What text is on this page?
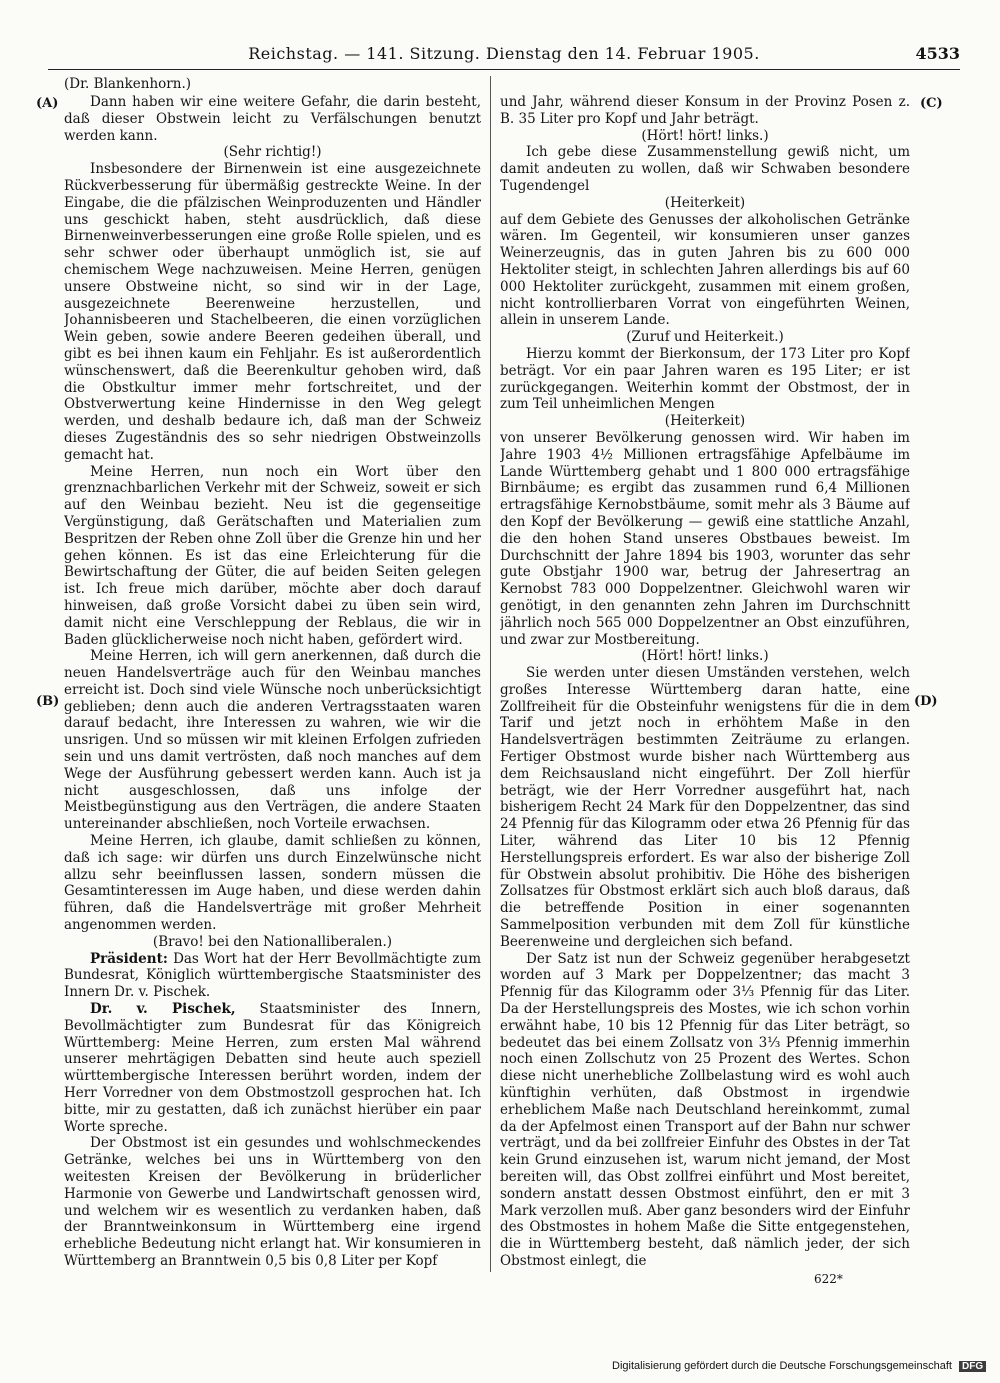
Reichstag. — 141. Sitzung. Dienstag den 14. Februar 1905.	4533
(Dr. Blankenhorn.)
(A)
(B)
(C)
(D)

Dann haben wir eine weitere Gefahr, die darin besteht, daß dieser Obstwein leicht zu Verfälschungen benutzt werden kann.

(Sehr richtig!)

Insbesondere der Birnenwein ist eine ausgezeichnete Rückverbesserung für übermäßig gestreckte Weine. In der Eingabe, die die pfälzischen Weinproduzenten und Händler uns geschickt haben, steht ausdrücklich, daß diese Birnenweinverbesserungen eine große Rolle spielen, und es sehr schwer oder überhaupt unmöglich ist, sie auf chemischem Wege nachzuweisen. Meine Herren, genügen unsere Obstweine nicht, so sind wir in der Lage, ausgezeichnete Beerenweine herzustellen, und Johannisbeeren und Stachelbeeren, die einen vorzüglichen Wein geben, sowie andere Beeren gedeihen überall, und gibt es bei ihnen kaum ein Fehljahr. Es ist außerordentlich wünschenswert, daß die Beerenkultur gehoben wird, daß die Obstkultur immer mehr fortschreitet, und der Obstverwertung keine Hindernisse in den Weg gelegt werden, und deshalb bedaure ich, daß man der Schweiz dieses Zugeständnis des so sehr niedrigen Obstweinzolls gemacht hat.

Meine Herren, nun noch ein Wort über den grenznachbarlichen Verkehr mit der Schweiz, soweit er sich auf den Weinbau bezieht. Neu ist die gegenseitige Vergünstigung, daß Gerätschaften und Materialien zum Bespritzen der Reben ohne Zoll über die Grenze hin und her gehen können. Es ist das eine Erleichterung für die Bewirtschaftung der Güter, die auf beiden Seiten gelegen ist. Ich freue mich darüber, möchte aber doch darauf hinweisen, daß große Vorsicht dabei zu üben sein wird, damit nicht eine Verschleppung der Reblaus, die wir in Baden glücklicherweise noch nicht haben, gefördert wird.

Meine Herren, ich will gern anerkennen, daß durch die neuen Handelsverträge auch für den Weinbau manches erreicht ist. Doch sind viele Wünsche noch unberücksichtigt geblieben; denn auch die anderen Vertragsstaaten waren darauf bedacht, ihre Interessen zu wahren, wie wir die unsrigen. Und so müssen wir mit kleinen Erfolgen zufrieden sein und uns damit vertrösten, daß noch manches auf dem Wege der Ausführung gebessert werden kann. Auch ist ja nicht ausgeschlossen, daß uns infolge der Meistbegünstigung aus den Verträgen, die andere Staaten untereinander abschließen, noch Vorteile erwachsen.

Meine Herren, ich glaube, damit schließen zu können, daß ich sage: wir dürfen uns durch Einzelwünsche nicht allzu sehr beeinflussen lassen, sondern müssen die Gesamtinteressen im Auge haben, und diese werden dahin führen, daß die Handelsverträge mit großer Mehrheit angenommen werden.

(Bravo! bei den Nationalliberalen.)

Präsident: Das Wort hat der Herr Bevollmächtigte zum Bundesrat, Königlich württembergische Staatsminister des Innern Dr. v. Pischek.

Dr. v. Pischek, Staatsminister des Innern, Bevollmächtigter zum Bundesrat für das Königreich Württemberg: Meine Herren, zum ersten Mal während unserer mehrtägigen Debatten sind heute auch speziell württembergische Interessen berührt worden, indem der Herr Vorredner von dem Obstmostzoll gesprochen hat. Ich bitte, mir zu gestatten, daß ich zunächst hierüber ein paar Worte spreche.

Der Obstmost ist ein gesundes und wohlschmeckendes Getränke, welches bei uns in Württemberg von den weitesten Kreisen der Bevölkerung in brüderlicher Harmonie von Gewerbe und Landwirtschaft genossen wird, und welchem wir es wesentlich zu verdanken haben, daß der Branntweinkonsum in Württemberg eine irgend erhebliche Bedeutung nicht erlangt hat. Wir konsumieren in Württemberg an Branntwein 0,5 bis 0,8 Liter per Kopf

und Jahr, während dieser Konsum in der Provinz Posen z. B. 35 Liter pro Kopf und Jahr beträgt.

(Hört! hört! links.)

Ich gebe diese Zusammenstellung gewiß nicht, um damit andeuten zu wollen, daß wir Schwaben besondere Tugendengel

(Heiterkeit)

auf dem Gebiete des Genusses der alkoholischen Getränke wären. Im Gegenteil, wir konsumieren unser ganzes Weinerzeugnis, das in guten Jahren bis zu 600 000 Hektoliter steigt, in schlechten Jahren allerdings bis auf 60 000 Hektoliter zurückgeht, zusammen mit einem großen, nicht kontrollierbaren Vorrat von eingeführten Weinen, allein in unserem Lande.

(Zuruf und Heiterkeit.)

Hierzu kommt der Bierkonsum, der 173 Liter pro Kopf beträgt. Vor ein paar Jahren waren es 195 Liter; er ist zurückgegangen. Weiterhin kommt der Obstmost, der in zum Teil unheimlichen Mengen

(Heiterkeit)

von unserer Bevölkerung genossen wird. Wir haben im Jahre 1903 4½ Millionen ertragsfähige Apfelbäume im Lande Württemberg gehabt und 1 800 000 ertragsfähige Birnbäume; es ergibt das zusammen rund 6,4 Millionen ertragsfähige Kernobstbäume, somit mehr als 3 Bäume auf den Kopf der Bevölkerung — gewiß eine stattliche Anzahl, die den hohen Stand unseres Obstbaues beweist. Im Durchschnitt der Jahre 1894 bis 1903, worunter das sehr gute Obstjahr 1900 war, betrug der Jahresertrag an Kernobst 783 000 Doppelzentner. Gleichwohl waren wir genötigt, in den genannten zehn Jahren im Durchschnitt jährlich noch 565 000 Doppelzentner an Obst einzuführen, und zwar zur Mostbereitung.

(Hört! hört! links.)

Sie werden unter diesen Umständen verstehen, welch großes Interesse Württemberg daran hatte, eine Zollfreiheit für die Obsteinfuhr wenigstens für die in dem Tarif und jetzt noch in erhöhtem Maße in den Handelsverträgen bestimmten Zeiträume zu erlangen. Fertiger Obstmost wurde bisher nach Württemberg aus dem Reichsausland nicht eingeführt. Der Zoll hierfür beträgt, wie der Herr Vorredner ausgeführt hat, nach bisherigem Recht 24 Mark für den Doppelzentner, das sind 24 Pfennig für das Kilogramm oder etwa 26 Pfennig für das Liter, während das Liter 10 bis 12 Pfennig Herstellungspreis erfordert. Es war also der bisherige Zoll für Obstwein absolut prohibitiv. Die Höhe des bisherigen Zollsatzes für Obstmost erklärt sich auch bloß daraus, daß die betreffende Position in einer sogenannten Sammelposition verbunden mit dem Zoll für künstliche Beerenweine und dergleichen sich befand.

Der Satz ist nun der Schweiz gegenüber herabgesetzt worden auf 3 Mark per Doppelzentner; das macht 3 Pfennig für das Kilogramm oder 3⅓ Pfennig für das Liter. Da der Herstellungspreis des Mostes, wie ich schon vorhin erwähnt habe, 10 bis 12 Pfennig für das Liter beträgt, so bedeutet das bei einem Zollsatz von 3⅓ Pfennig immerhin noch einen Zollschutz von 25 Prozent des Wertes. Schon diese nicht unerhebliche Zollbelastung wird es wohl auch künftighin verhüten, daß Obstmost in irgendwie erheblichem Maße nach Deutschland hereinkommt, zumal da der Apfelmost einen Transport auf der Bahn nur schwer verträgt, und da bei zollfreier Einfuhr des Obstes in der Tat kein Grund einzusehen ist, warum nicht jemand, der Most bereiten will, das Obst zollfrei einführt und Most bereitet, sondern anstatt dessen Obstmost einführt, den er mit 3 Mark verzollen muß. Aber ganz besonders wird der Einfuhr des Obstmostes in hohem Maße die Sitte entgegenstehen, die in Württemberg besteht, daß nämlich jeder, der sich Obstmost einlegt, die

622*
Digitalisierung gefördert durch die Deutsche Forschungsgemeinschaft DFG
